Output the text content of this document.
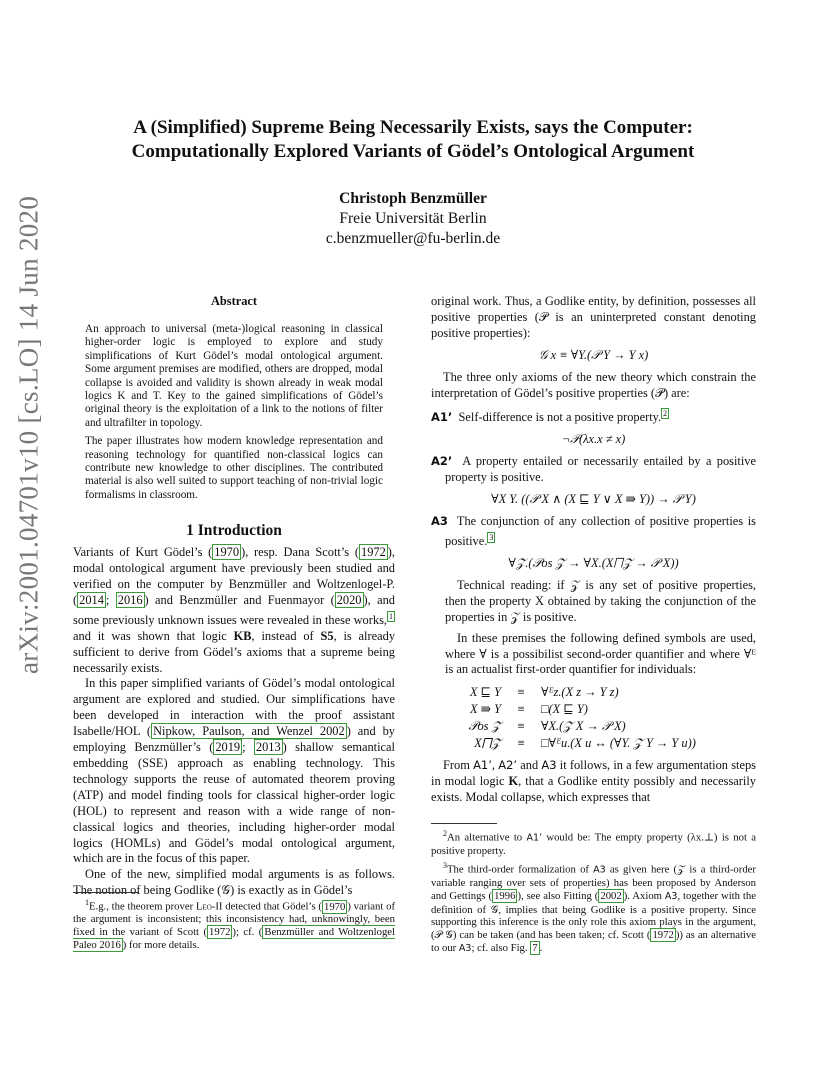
arXiv:2001.04701v10 [cs.LO] 14 Jun 2020

A (Simplified) Supreme Being Necessarily Exists, says the Computer:

Computationally Explored Variants of Gödel’s Ontological Argument

Christoph Benzmüller
Freie Universität Berlin
c.benzmueller@fu-berlin.de
Abstract

An approach to universal (meta-)logical reasoning in classical higher-order logic is employed to explore and study simplifications of Kurt Gödel’s modal ontological argument. Some argument premises are modified, others are dropped, modal collapse is avoided and validity is shown already in weak modal logics K and T. Key to the gained simplifications of Gödel’s original theory is the exploitation of a link to the notions of filter and ultrafilter in topology.

The paper illustrates how modern knowledge representation and reasoning technology for quantified non-classical logics can contribute new knowledge to other disciplines. The contributed material is also well suited to support teaching of non-trivial logic formalisms in classroom.

1 Introduction

Variants of Kurt Gödel’s ( 1970 ), resp. Dana Scott’s ( 1972 ), modal ontological argument have previously been studied and verified on the computer by Benzmüller and Woltzenlogel-P. ( 2014 ; 2016 ) and Benzmüller and Fuenmayor ( 2020 ), and some previously unknown issues were revealed in these works, $^1$ and it was shown that logic KB, instead of S5, is already sufficient to derive from Gödel’s axioms that a supreme being necessarily exists.

In this paper simplified variants of Gödel’s modal ontological argument are explored and studied. Our simplifications have been developed in interaction with the proof assistant Isabelle/HOL ( Nipkow, Paulson, and Wenzel 2002 ) and by employing Benzmüller’s ( 2019 ; 2013 ) shallow semantical embedding (SSE) approach as enabling technology. This technology supports the reuse of automated theorem proving (ATP) and model finding tools for classical higher-order logic (HOL) to represent and reason with a wide range of non-classical logics and theories, including higher-order modal logics (HOMLs) and Gödel’s modal ontological argument, which are in the focus of this paper.

One of the new, simplified modal arguments is as follows. The notion of being Godlike (𝒢) is exactly as in Gödel’s

$^1$E.g., the theorem prover Leo-II detected that Gödel’s ( 1970 ) variant of the argument is inconsistent; this inconsistency had, unknowingly, been fixed in the variant of Scott ( 1972 ); cf. ( Benzmüller and Woltzenlogel Paleo 2016 ) for more details.

original work. Thus, a Godlike entity, by definition, possesses all positive properties (𝒫 is an uninterpreted constant denoting positive properties):

𝒢 x ≡ ∀Y.(𝒫 Y → Y x)

The three only axioms of the new theory which constrain the interpretation of Gödel’s positive properties (𝒫) are:

A1’ Self-difference is not a positive property. $^2$

¬𝒫(λx.x ≠ x)

A2’ A property entailed or necessarily entailed by a positive property is positive.

∀X Y. ((𝒫 X ∧ (X ⊑ Y ∨ X ⇛ Y)) → 𝒫 Y)

A3 The conjunction of any collection of positive properties is positive. $^3$

∀𝒵.(𝒫os 𝒵 → ∀X.(X⨅𝒵 → 𝒫 X))

Technical reading: if 𝒵 is any set of positive properties, then the property X obtained by taking the conjunction of the properties in 𝒵 is positive.

In these premises the following defined symbols are used, where ∀ is a possibilist second-order quantifier and where ∀ᴱ is an actualist first-order quantifier for individuals:

X ⊑ Y	≡	∀ᴱz.(X z → Y z)
X ⇛ Y	≡	□(X ⊑ Y)
𝒫os 𝒵	≡	∀X.(𝒵 X → 𝒫 X)
X⨅𝒵	≡	□∀ᴱu.(X u ↔ (∀Y. 𝒵 Y → Y u))

From A1’, A2’ and A3 it follows, in a few argumentation steps in modal logic K, that a Godlike entity possibly and necessarily exists. Modal collapse, which expresses that

$^2$An alternative to A1’ would be: The empty property (λx.⊥) is not a positive property.

$^3$The third-order formalization of A3 as given here (𝒵 is a third-order variable ranging over sets of properties) has been proposed by Anderson and Gettings ( 1996 ), see also Fitting ( 2002 ). Axiom A3, together with the definition of 𝒢, implies that being Godlike is a positive property. Since supporting this inference is the only role this axiom plays in the argument, (𝒫 𝒢) can be taken (and has been taken; cf. Scott ( 1972 )) as an alternative to our A3; cf. also Fig. 7 .
